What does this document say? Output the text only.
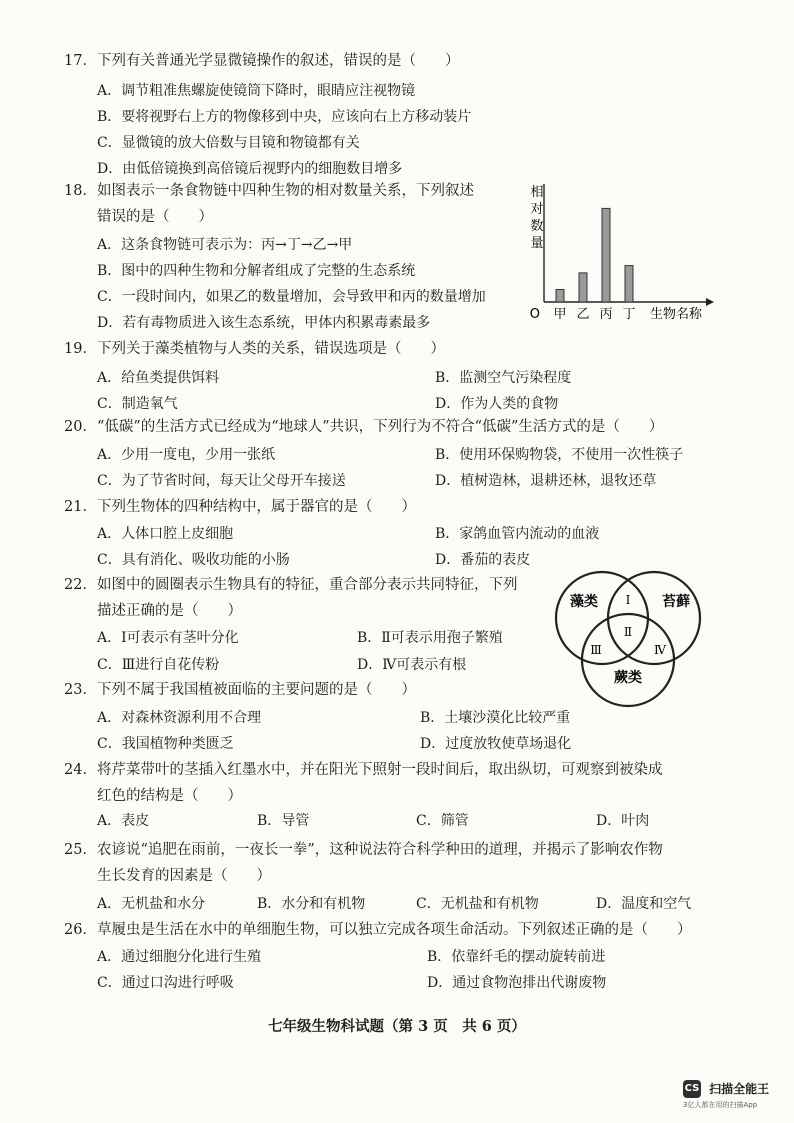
17．下列有关普通光学显微镜操作的叙述，错误的是（　　）
A．调节粗准焦螺旋使镜筒下降时，眼睛应注视物镜
B．要将视野右上方的物像移到中央，应该向右上方移动装片
C．显微镜的放大倍数与目镜和物镜都有关
D．由低倍镜换到高倍镜后视野内的细胞数目增多
18．如图表示一条食物链中四种生物的相对数量关系，下列叙述
错误的是（　　）
A．这条食物链可表示为：丙→丁→乙→甲
B．图中的四种生物和分解者组成了完整的生态系统
C．一段时间内，如果乙的数量增加，会导致甲和丙的数量增加
D．若有毒物质进入该生态系统，甲体内积累毒素最多
相
对
数
量
O 甲 乙 丙 丁 生物名称
19．下列关于藻类植物与人类的关系，错误选项是（　　）
A．给鱼类提供饵料	B．监测空气污染程度
C．制造氧气	D．作为人类的食物
20．“低碳”的生活方式已经成为“地球人”共识，下列行为不符合“低碳”生活方式的是（　　）
A．少用一度电，少用一张纸	B．使用环保购物袋，不使用一次性筷子
C．为了节省时间，每天让父母开车接送	D．植树造林，退耕还林，退牧还草
21．下列生物体的四种结构中，属于器官的是（　　）
A．人体口腔上皮细胞	B．家鸽血管内流动的血液
C．具有消化、吸收功能的小肠	D．番茄的表皮
22．如图中的圆圈表示生物具有的特征，重合部分表示共同特征，下列
描述正确的是（　　）
A．Ⅰ可表示有茎叶分化	B．Ⅱ可表示用孢子繁殖
C．Ⅲ进行自花传粉	D．Ⅳ可表示有根
藻类	苔藓
蕨类
Ⅰ
Ⅱ
Ⅲ	Ⅳ
23．下列不属于我国植被面临的主要问题的是（　　）
A．对森林资源利用不合理	B．土壤沙漠化比较严重
C．我国植物种类匮乏	D．过度放牧使草场退化
24．将芹菜带叶的茎插入红墨水中，并在阳光下照射一段时间后，取出纵切，可观察到被染成
红色的结构是（　　）
A．表皮	B．导管	C．筛管	D．叶肉
25．农谚说“追肥在雨前，一夜长一拳”，这种说法符合科学种田的道理，并揭示了影响农作物
生长发育的因素是（　　）
A．无机盐和水分	B．水分和有机物	C．无机盐和有机物	D．温度和空气
26．草履虫是生活在水中的单细胞生物，可以独立完成各项生命活动。下列叙述正确的是（　　）
A．通过细胞分化进行生殖	B．依靠纤毛的摆动旋转前进
C．通过口沟进行呼吸	D．通过食物泡排出代谢废物
七年级生物科试题（第 3 页　共 6 页）
CS 扫描全能王
3亿人都在用的扫描App
